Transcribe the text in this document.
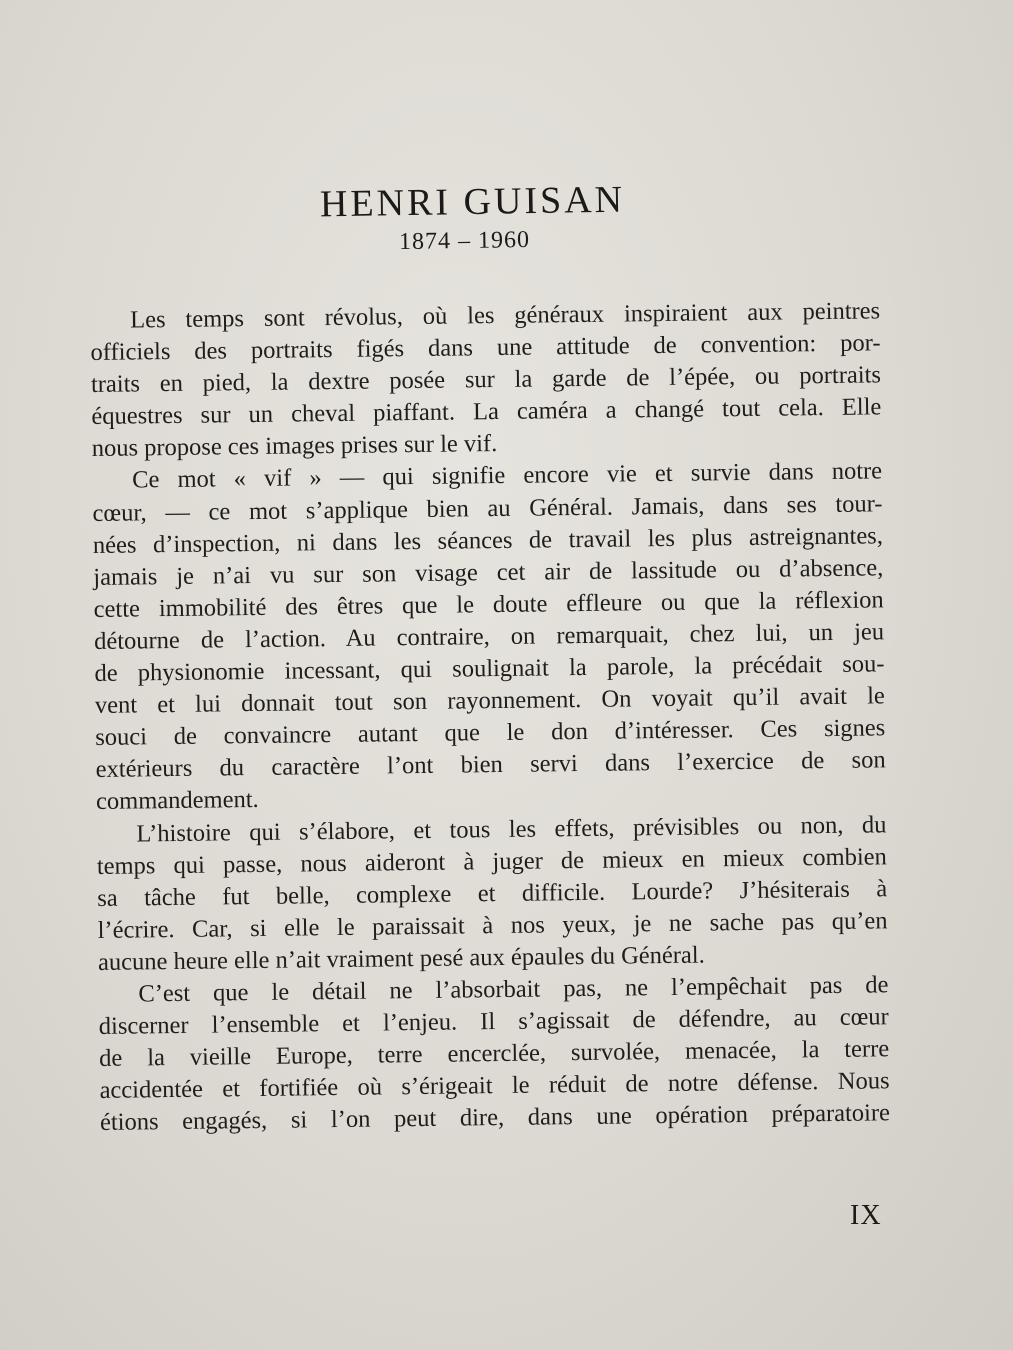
HENRI GUISAN
1874 – 1960
Les temps sont révolus, où les généraux inspiraient aux peintres
officiels des portraits figés dans une attitude de convention: por-
traits en pied, la dextre posée sur la garde de l’épée, ou portraits
équestres sur un cheval piaffant. La caméra a changé tout cela. Elle
nous propose ces images prises sur le vif.
Ce mot « vif » — qui signifie encore vie et survie dans notre
cœur, — ce mot s’applique bien au Général. Jamais, dans ses tour-
nées d’inspection, ni dans les séances de travail les plus astreignantes,
jamais je n’ai vu sur son visage cet air de lassitude ou d’absence,
cette immobilité des êtres que le doute effleure ou que la réflexion
détourne de l’action. Au contraire, on remarquait, chez lui, un jeu
de physionomie incessant, qui soulignait la parole, la précédait sou-
vent et lui donnait tout son rayonnement. On voyait qu’il avait le
souci de convaincre autant que le don d’intéresser. Ces signes
extérieurs du caractère l’ont bien servi dans l’exercice de son
commandement.
L’histoire qui s’élabore, et tous les effets, prévisibles ou non, du
temps qui passe, nous aideront à juger de mieux en mieux combien
sa tâche fut belle, complexe et difficile. Lourde? J’hésiterais à
l’écrire. Car, si elle le paraissait à nos yeux, je ne sache pas qu’en
aucune heure elle n’ait vraiment pesé aux épaules du Général.
C’est que le détail ne l’absorbait pas, ne l’empêchait pas de
discerner l’ensemble et l’enjeu. Il s’agissait de défendre, au cœur
de la vieille Europe, terre encerclée, survolée, menacée, la terre
accidentée et fortifiée où s’érigeait le réduit de notre défense. Nous
étions engagés, si l’on peut dire, dans une opération préparatoire
IX
